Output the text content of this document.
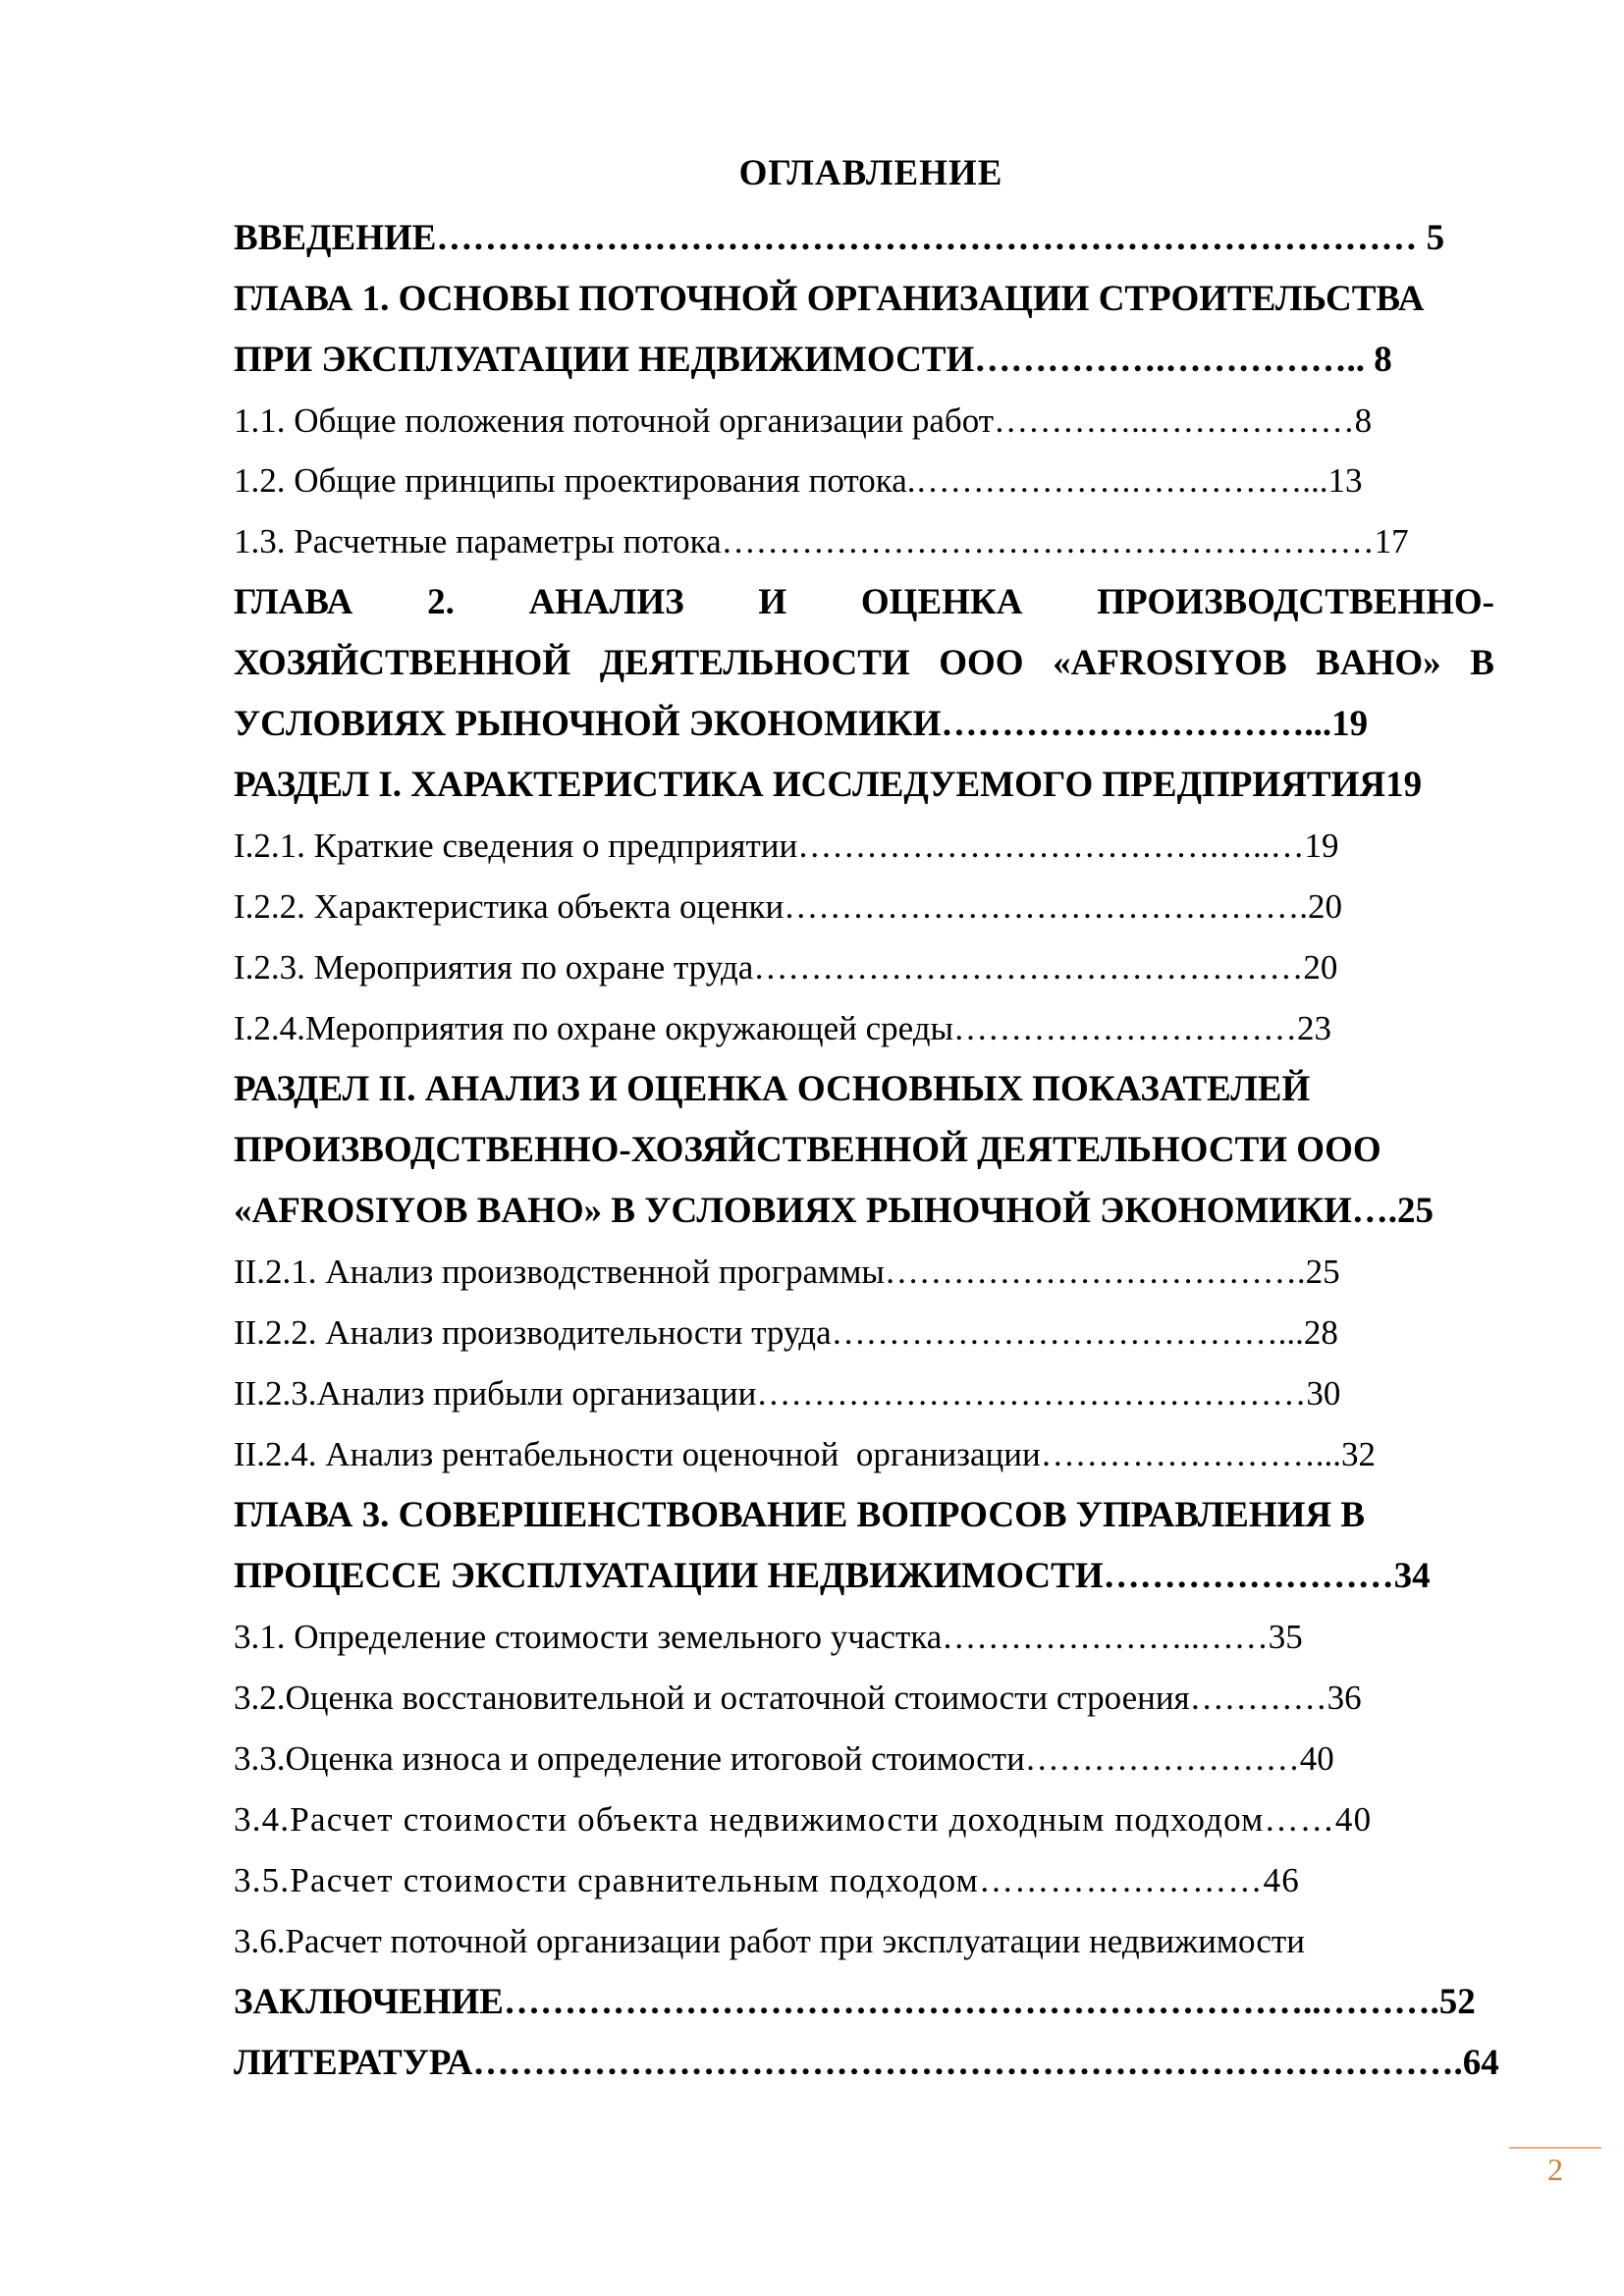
ОГЛАВЛЕНИЕ
ВВЕДЕНИЕ……………………………………………………………………… 5
ГЛАВА 1. ОСНОВЫ ПОТОЧНОЙ ОРГАНИЗАЦИИ СТРОИТЕЛЬСТВА
ПРИ ЭКСПЛУАТАЦИИ НЕДВИЖИМОСТИ…………….…………….. 8
1.1. Общие положения поточной организации работ…………..………………8
1.2. Общие принципы проектирования потока.……………….……………...13
1.3. Расчетные параметры потока…………………………………………………17
ГЛАВА 2. АНАЛИЗ И ОЦЕНКА ПРОИЗВОДСТВЕННО-
ХОЗЯЙСТВЕННОЙ ДЕЯТЕЛЬНОСТИ ООО «AFROSIYOB BAHO» В
УСЛОВИЯХ РЫНОЧНОЙ ЭКОНОМИКИ…………………………...19
РАЗДЕЛ I. ХАРАКТЕРИСТИКА ИССЛЕДУЕМОГО ПРЕДПРИЯТИЯ19
I.2.1. Краткие сведения о предприятии……………………………….…..…19
I.2.2. Характеристика объекта оценки……………………………………….20
I.2.3. Мероприятия по охране труда…………………………………………20
I.2.4.Мероприятия по охране окружающей среды…………………………23
РАЗДЕЛ II. АНАЛИЗ И ОЦЕНКА ОСНОВНЫХ ПОКАЗАТЕЛЕЙ
ПРОИЗВОДСТВЕННО-ХОЗЯЙСТВЕННОЙ ДЕЯТЕЛЬНОСТИ ООО
«AFROSIYOB BAHO» В УСЛОВИЯХ РЫНОЧНОЙ ЭКОНОМИКИ….25
II.2.1. Анализ производственной программы……………………………….25
II.2.2. Анализ производительности труда…………………………………...28
II.2.3.Анализ прибыли организации…………………………………………30
II.2.4. Анализ рентабельности оценочной  организации……………………...32
ГЛАВА 3. СОВЕРШЕНСТВОВАНИЕ ВОПРОСОВ УПРАВЛЕНИЯ В
ПРОЦЕССЕ ЭКСПЛУАТАЦИИ НЕДВИЖИМОСТИ……………………34
3.1. Определение стоимости земельного участка…………………..……35
3.2.Оценка восстановительной и остаточной стоимости строения…………36
3.3.Оценка износа и определение итоговой стоимости……………………40
3.4.Расчет стоимости объекта недвижимости доходным подходом……40
3.5.Расчет стоимости сравнительным подходом……………………46
3.6.Расчет поточной организации работ при эксплуатации недвижимости
ЗАКЛЮЧЕНИЕ…………………………………………………………..……….52
ЛИТЕРАТУРА……………………………………………………………………….64
2
